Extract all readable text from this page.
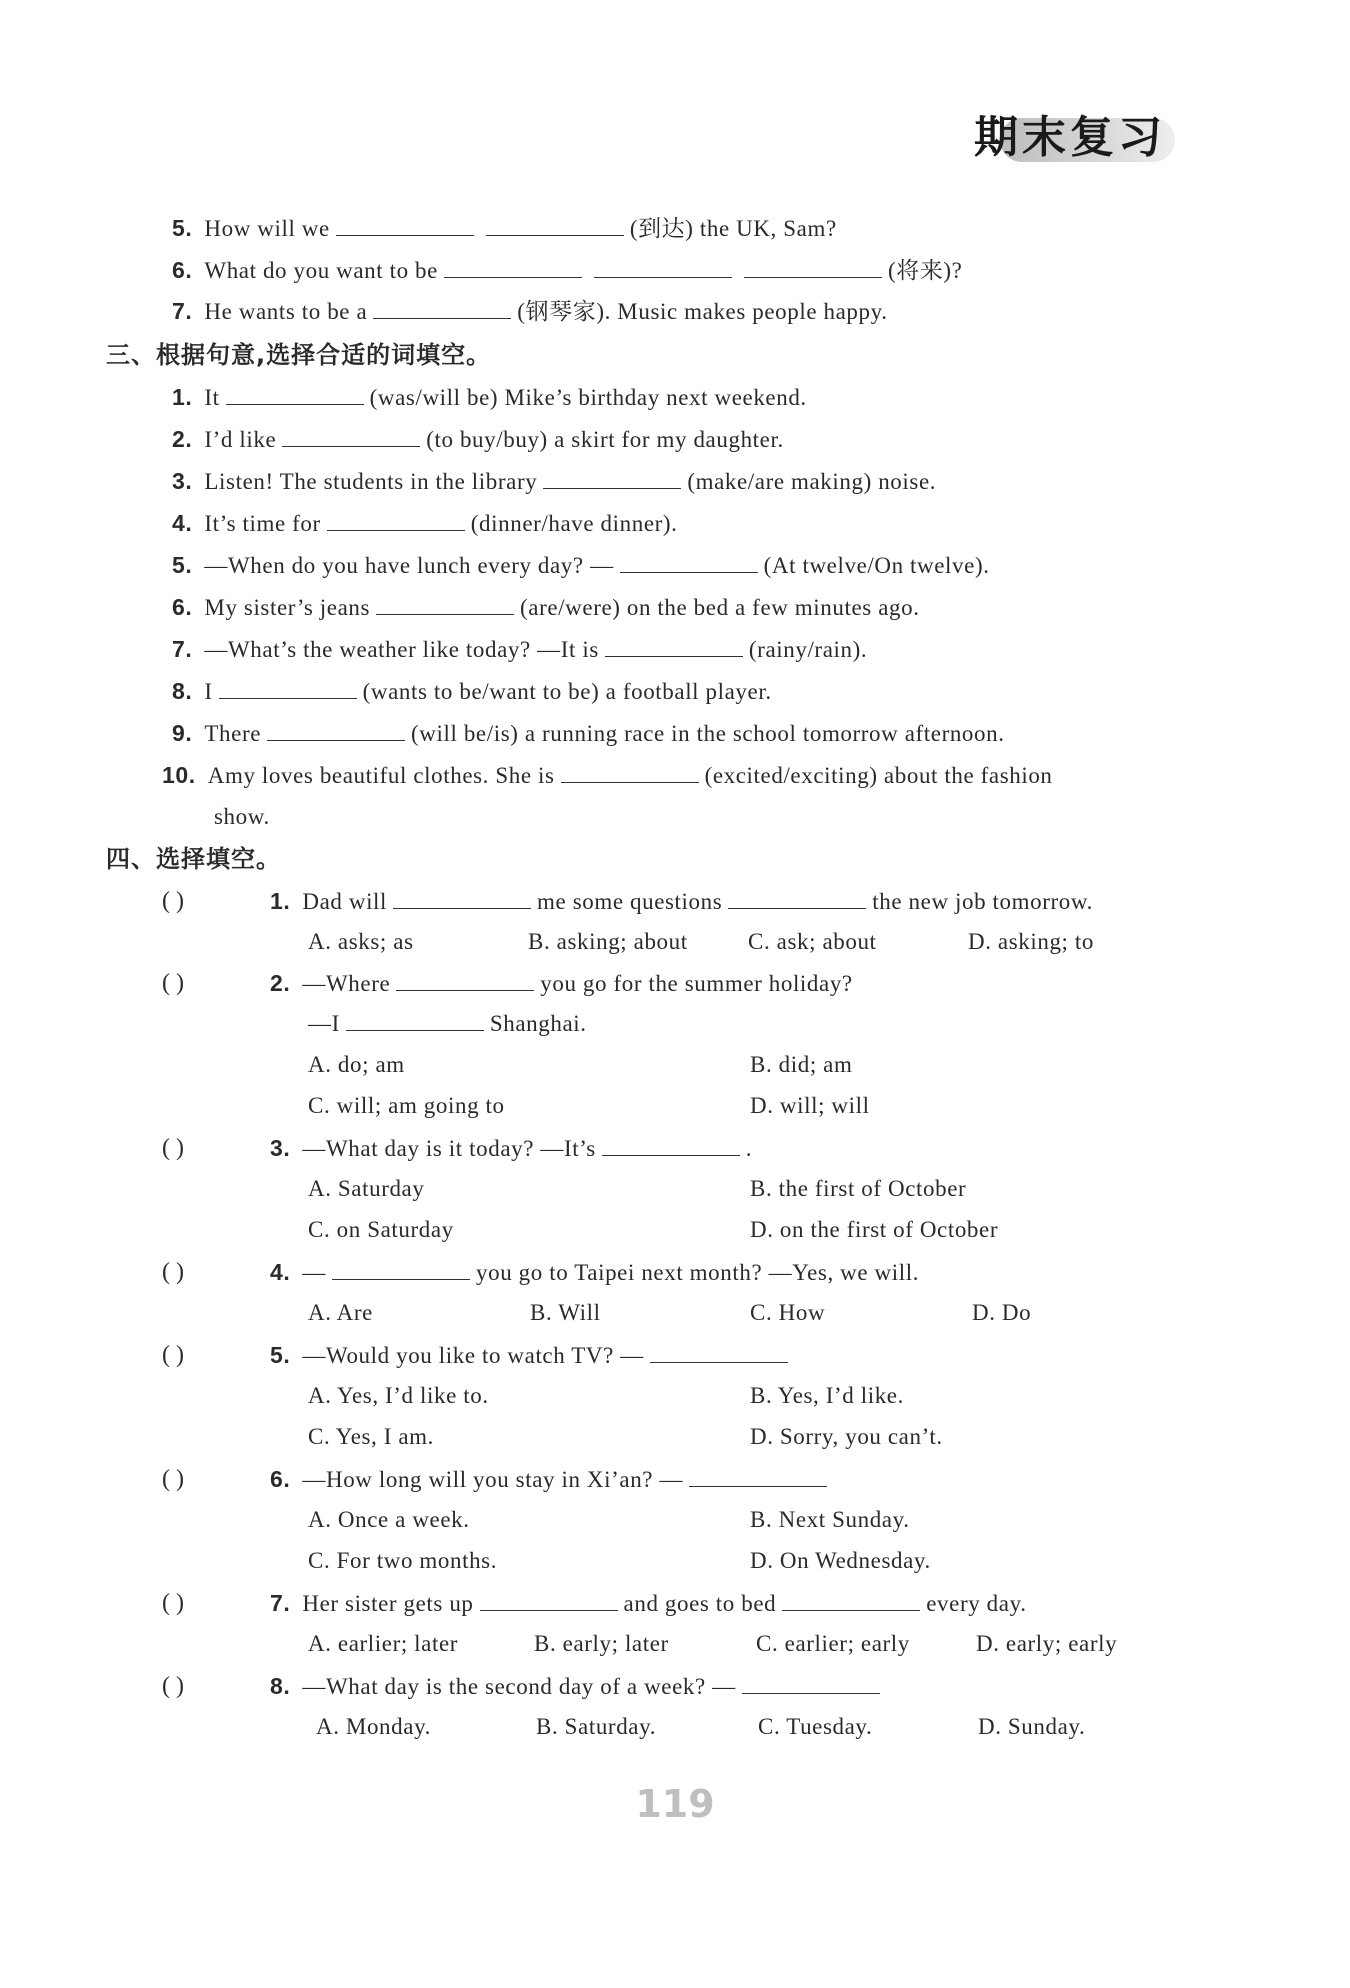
期末复习
5. How will we	(到达) the UK, Sam?
6. What do you want to be	(将来)?
7. He wants to be a	(钢琴家). Music makes people happy.
三、根据句意,选择合适的词填空。
1. It	(was/will be) Mike’s birthday next weekend.
2. I’d like	(to buy/buy) a skirt for my daughter.
3. Listen! The students in the library	(make/are making) noise.
4. It’s time for	(dinner/have dinner).
5. —When do you have lunch every day? —	(At twelve/On twelve).
6. My sister’s jeans	(are/were) on the bed a few minutes ago.
7. —What’s the weather like today? —It is	(rainy/rain).
8. I	(wants to be/want to be) a football player.
9. There	(will be/is) a running race in the school tomorrow afternoon.
10. Amy loves beautiful clothes. She is	(excited/exciting) about the fashion
show.
四、选择填空。
( )	1. Dad will	me some questions	the new job tomorrow.
A. asks; as	B. asking; about	C. ask; about	D. asking; to
( )	2. —Where	you go for the summer holiday?
—I	Shanghai.
A. do; am	B. did; am
C. will; am going to	D. will; will
( )	3. —What day is it today? —It’s	.
A. Saturday	B. the first of October
C. on Saturday	D. on the first of October
( )	4. —	you go to Taipei next month? —Yes, we will.
A. Are	B. Will	C. How	D. Do
( )	5. —Would you like to watch TV? —
A. Yes, I’d like to.	B. Yes, I’d like.
C. Yes, I am.	D. Sorry, you can’t.
( )	6. —How long will you stay in Xi’an? —
A. Once a week.	B. Next Sunday.
C. For two months.	D. On Wednesday.
( )	7. Her sister gets up	and goes to bed	every day.
A. earlier; later	B. early; later	C. earlier; early	D. early; early
( )	8. —What day is the second day of a week? —
A. Monday.	B. Saturday.	C. Tuesday.	D. Sunday.
119
